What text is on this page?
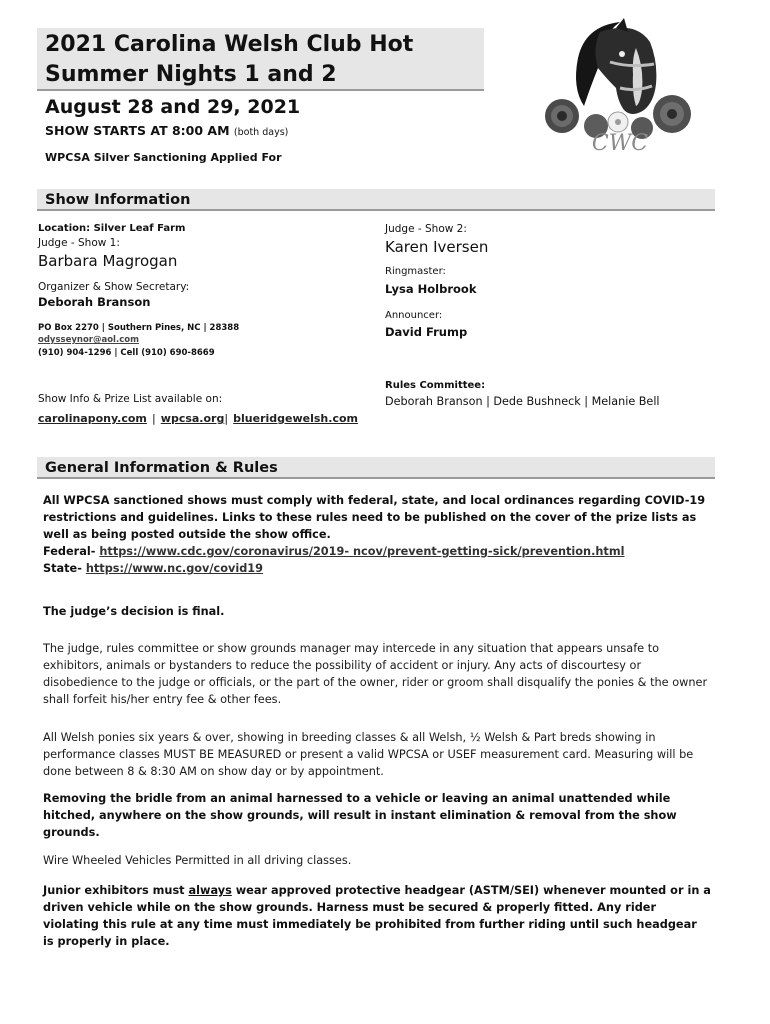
2021 Carolina Welsh Club Hot
Summer Nights 1 and 2
August 28 and 29, 2021
SHOW STARTS AT 8:00 AM (both days)
WPCSA Silver Sanctioning Applied For
CWC
Show Information
Location: Silver Leaf Farm
Judge - Show 1:
Barbara Magrogan
Organizer & Show Secretary:
Deborah Branson
PO Box 2270 | Southern Pines, NC | 28388
odysseynor@aol.com
(910) 904-1296 | Cell (910) 690-8669
Show Info & Prize List available on:
carolinapony.com | wpcsa.org| blueridgewelsh.com
Judge - Show 2:
Karen Iversen
Ringmaster:
Lysa Holbrook
Announcer:
David Frump
Rules Committee:
Deborah Branson | Dede Bushneck | Melanie Bell
General Information & Rules
All WPCSA sanctioned shows must comply with federal, state, and local ordinances regarding COVID-19 restrictions and guidelines. Links to these rules need to be published on the cover of the prize lists as well as being posted outside the show office.
Federal- https://www.cdc.gov/coronavirus/2019- ncov/prevent-getting-sick/prevention.html
State- https://www.nc.gov/covid19
The judge’s decision is final.
The judge, rules committee or show grounds manager may intercede in any situation that appears unsafe to exhibitors, animals or bystanders to reduce the possibility of accident or injury. Any acts of discourtesy or disobedience to the judge or officials, or the part of the owner, rider or groom shall disqualify the ponies & the owner shall forfeit his/her entry fee & other fees.
All Welsh ponies six years & over, showing in breeding classes & all Welsh, ½ Welsh & Part breds showing in performance classes MUST BE MEASURED or present a valid WPCSA or USEF measurement card. Measuring will be done between 8 & 8:30 AM on show day or by appointment.
Removing the bridle from an animal harnessed to a vehicle or leaving an animal unattended while hitched, anywhere on the show grounds, will result in instant elimination & removal from the show grounds.
Wire Wheeled Vehicles Permitted in all driving classes.
Junior exhibitors must always wear approved protective headgear (ASTM/SEI) whenever mounted or in a driven vehicle while on the show grounds. Harness must be secured & properly fitted. Any rider violating this rule at any time must immediately be prohibited from further riding until such headgear is properly in place.
